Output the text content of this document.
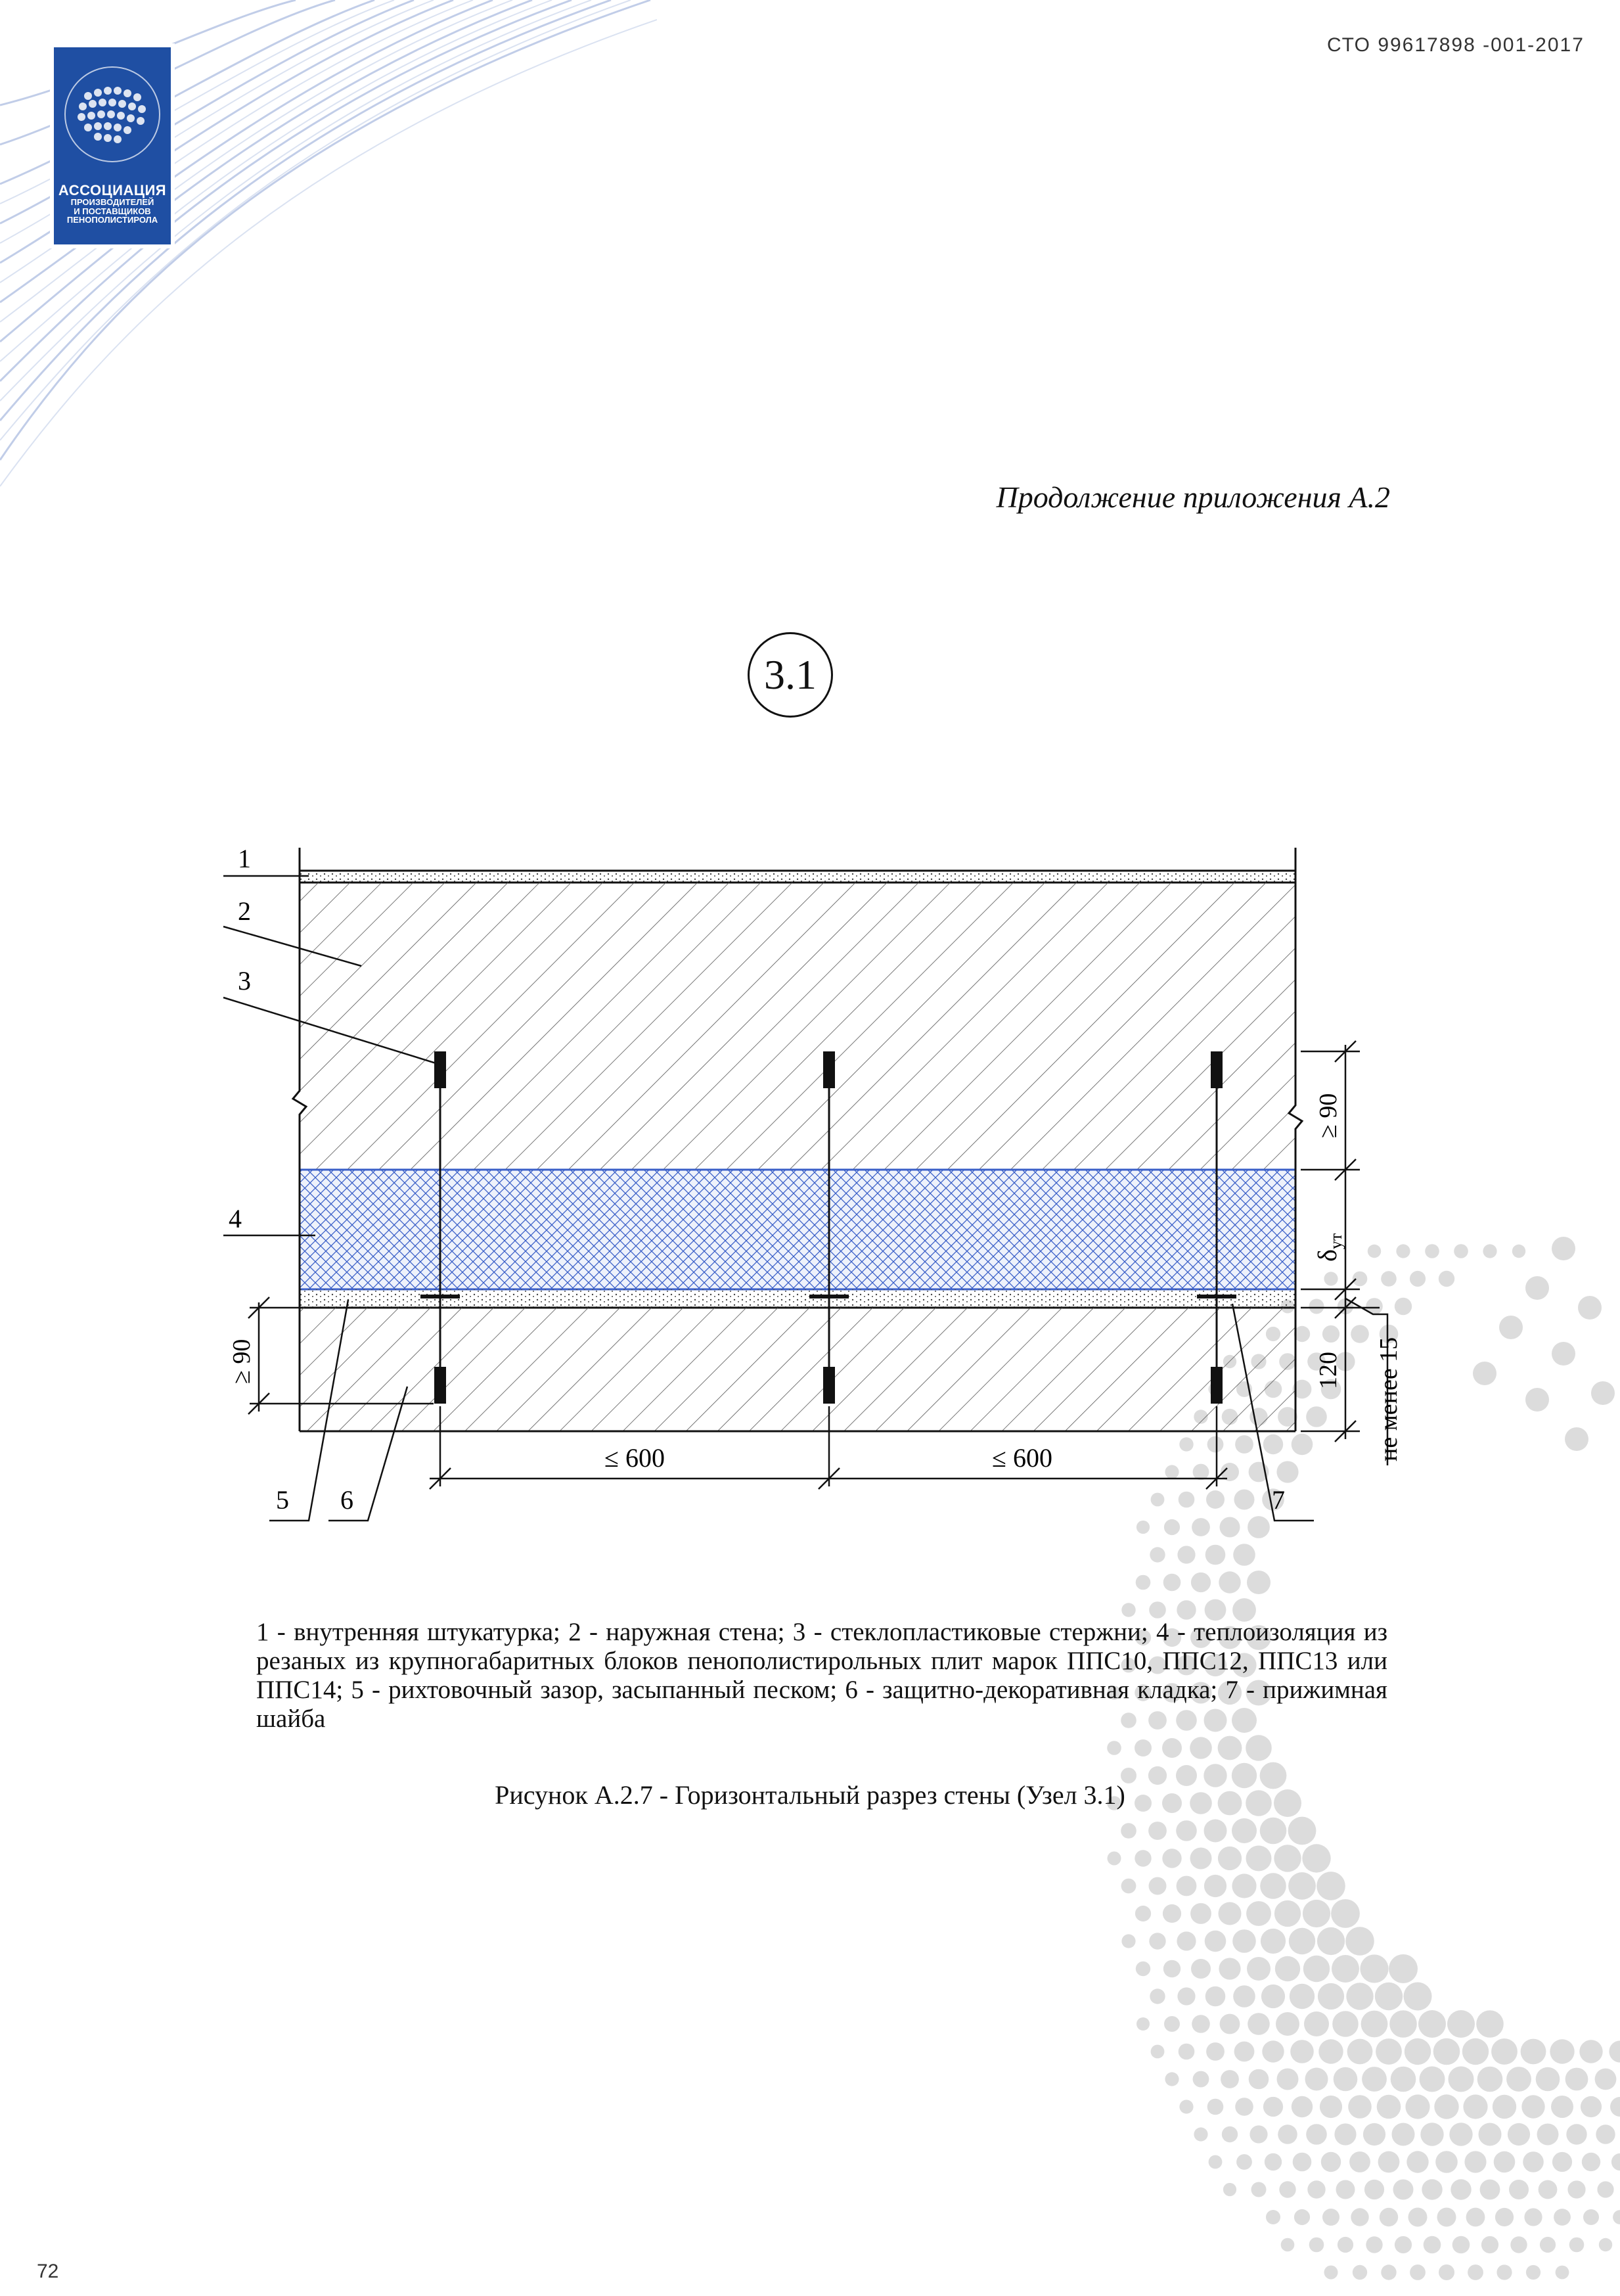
АССОЦИАЦИЯ
ПРОИЗВОДИТЕЛЕЙ
И ПОСТАВЩИКОВ
ПЕНОПОЛИСТИРОЛА
СТО 99617898 -001-2017
Продолжение приложения А.2
3.1
1
2
3
4
5 6	7
≥ 90
$\delta_{ут}$
120 не менее 15
≥ 90
≤ 600	≤ 600
1 - внутренняя штукатурка; 2 - наружная стена; 3 - стеклопластиковые стержни; 4 - теплоизоляция из резаных из крупногабаритных блоков пенополистирольных плит марок ППС10, ППС12, ППС13 или ППС14; 5 - рихтовочный зазор, засыпанный песком; 6 - защитно-декоративная кладка; 7 - прижимная шайба
Рисунок А.2.7 - Горизонтальный разрез стены (Узел 3.1)
72
